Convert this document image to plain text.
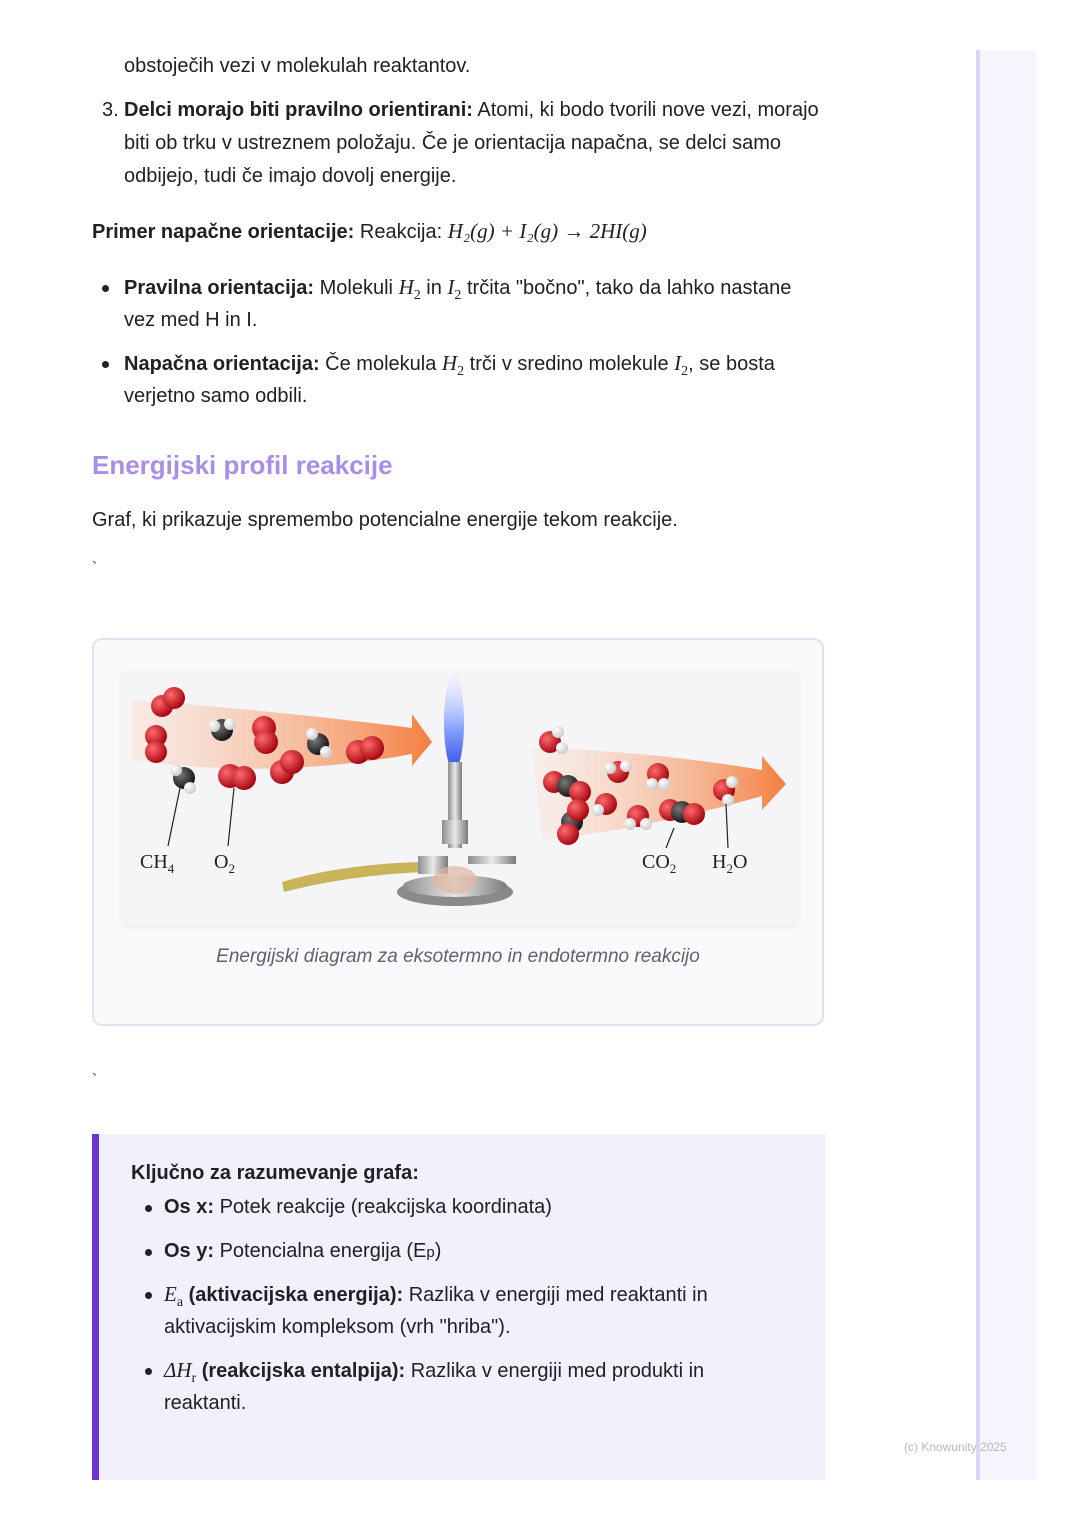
(c) Knowunity 2025

obstoječih vezi v molekulah reaktantov.

3. Delci morajo biti pravilno orientirani: Atomi, ki bodo tvorili nove vezi, morajo

biti ob trku v ustreznem položaju. Če je orientacija napačna, se delci samo

odbijejo, tudi če imajo dovolj energije.

Primer napačne orientacije: Reakcija: H₂(g) + I₂(g) → 2HI(g)

Pravilna orientacija: Molekuli $H_2$ in $I_2$ trčita "bočno", tako da lahko nastane

vez med H in I.

Napačna orientacija: Če molekula $H_2$ trči v sredino molekule $I_2$, se bosta

verjetno samo odbili.

Energijski profil reakcije

Graf, ki prikazuje spremembo potencialne energije tekom reakcije.

`
$CH_4$ $O_2$	$CO_2$ $H_2O$
Energijski diagram za eksotermno in endotermno reakcijo
`

Ključno za razumevanje grafa:

Os x: Potek reakcije (reakcijska koordinata)

Os y: Potencialna energija (Ep)

$E_a$ (aktivacijska energija): Razlika v energiji med reaktanti in

aktivacijskim kompleksom (vrh "hriba").

$\Delta H_r$ (reakcijska entalpija): Razlika v energiji med produkti in

reaktanti.
